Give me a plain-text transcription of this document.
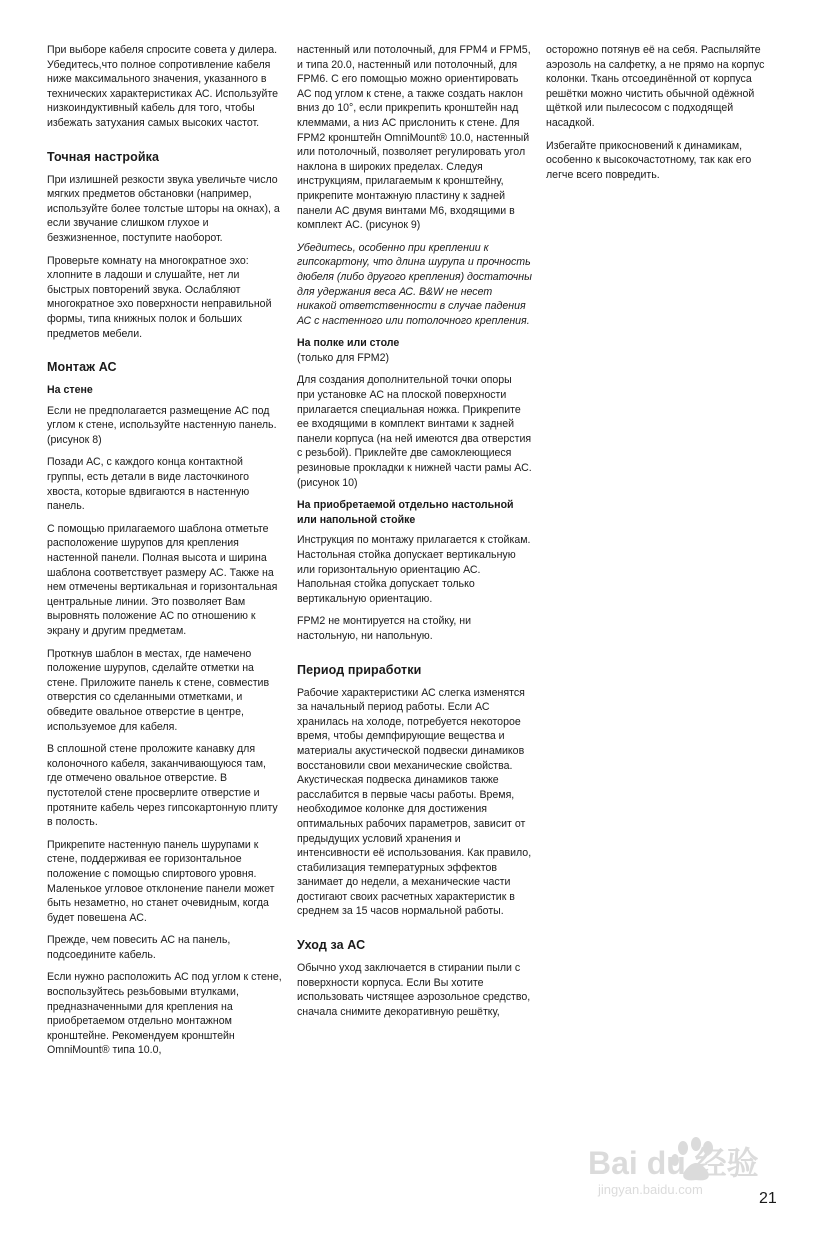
При выборе кабеля спросите совета у дилера. Убедитесь,что полное сопротивление кабеля ниже максимального значения, указанного в технических характеристиках АС. Используйте низкоиндуктивный кабель для того, чтобы избежать затухания самых высоких частот.

Точная настройка

При излишней резкости звука увеличьте число мягких предметов обстановки (например, используйте более толстые шторы на окнах), а если звучание слишком глухое и безжизненное, поступите наоборот.

Проверьте комнату на многократное эхо: хлопните в ладоши и слушайте, нет ли быстрых повторений звука. Ослабляют многократное эхо поверхности неправильной формы, типа книжных полок и больших предметов мебели.

Монтаж АС
На стене

Если не предполагается размещение АС под углом к стене, используйте настенную панель. (рисунок 8)

Позади АС, с каждого конца контактной группы, есть детали в виде ласточкиного хвоста, которые вдвигаются в настенную панель.

С помощью прилагаемого шаблона отметьте расположение шурупов для крепления настенной панели. Полная высота и ширина шаблона соответствует размеру АС. Также на нем отмечены вертикальная и горизонтальная центральные линии. Это позволяет Вам выровнять положение АС по отношению к экрану и другим предметам.

Проткнув шаблон в местах, где намечено положение шурупов, сделайте отметки на стене. Приложите панель к стене, совместив отверстия со сделанными отметками, и обведите овальное отверстие в центре, используемое для кабеля.

В сплошной стене проложите канавку для колоночного кабеля, заканчивающуюся там, где отмечено овальное отверстие. В пустотелой стене просверлите отверстие и протяните кабель через гипсокартонную плиту в полость.

Прикрепите настенную панель шурупами к стене, поддерживая ее горизонтальное положение с помощью спиртового уровня. Маленькое угловое отклонение панели может быть незаметно, но станет очевидным, когда будет повешена АС.

Прежде, чем повесить АС на панель, подсоедините кабель.

Если нужно расположить АС под углом к стене, воспользуйтесь резьбовыми втулками, предназначенными для крепления на приобретаемом отдельно монтажном кронштейне. Рекомендуем кронштейн OmniMount® типа 10.0,

настенный или потолочный, для FPM4 и FPM5, и типа 20.0, настенный или потолочный, для FPM6. С его помощью можно ориентировать АС под углом к стене, а также создать наклон вниз до 10°, если прикрепить кронштейн над клеммами, а низ АС прислонить к стене. Для FPM2 кронштейн OmniMount® 10.0, настенный или потолочный, позволяет регулировать угол наклона в широких пределах. Следуя инструкциям, прилагаемым к кронштейну, прикрепите монтажную пластину к задней панели АС двумя винтами M6, входящими в комплект АС. (рисунок 9)

Убедитесь, особенно при креплении к гипсокартону, что длина шурупа и прочность дюбеля (либо другого крепления) достаточны для удержания веса АС. B&W не несет никакой ответственности в случае падения АС с настенного или потолочного крепления.

На полке или столе

(только для FPM2)

Для создания дополнительной точки опоры при установке АС на плоской поверхности прилагается специальная ножка. Прикрепите ее входящими в комплект винтами к задней панели корпуса (на ней имеются два отверстия с резьбой). Приклейте две самоклеющиеся резиновые прокладки к нижней части рамы АС. (рисунок 10)

На приобретаемой отдельно настольной или напольной стойке

Инструкция по монтажу прилагается к стойкам. Настольная стойка допускает вертикальную или горизонтальную ориентацию АС. Напольная стойка допускает только вертикальную ориентацию.

FPM2 не монтируется на стойку, ни настольную, ни напольную.

Период приработки

Рабочие характеристики АС слегка изменятся за начальный период работы. Если АС хранилась на холоде, потребуется некоторое время, чтобы демпфирующие вещества и материалы акустической подвески динамиков восстановили свои механические свойства. Акустическая подвеска динамиков также расслабится в первые часы работы. Время, необходимое колонке для достижения оптимальных рабочих параметров, зависит от предыдущих условий хранения и интенсивности её использования. Как правило, стабилизация температурных эффектов занимает до недели, а механические части достигают своих расчетных характеристик в среднем за 15 часов нормальной работы.

Уход за АС

Обычно уход заключается в стирании пыли с поверхности корпуса. Если Вы хотите использовать чистящее аэрозольное средство, сначала снимите декоративную решётку,

осторожно потянув её на себя. Распыляйте аэрозоль на салфетку, а не прямо на корпус колонки. Ткань отсоединённой от корпуса решётки можно чистить обычной одёжной щёткой или пылесосом с подходящей насадкой.

Избегайте прикосновений к динамикам, особенно к высокочастотному, так как его легче всего повредить.

Bai du 经验
jingyan.baidu.com
21
